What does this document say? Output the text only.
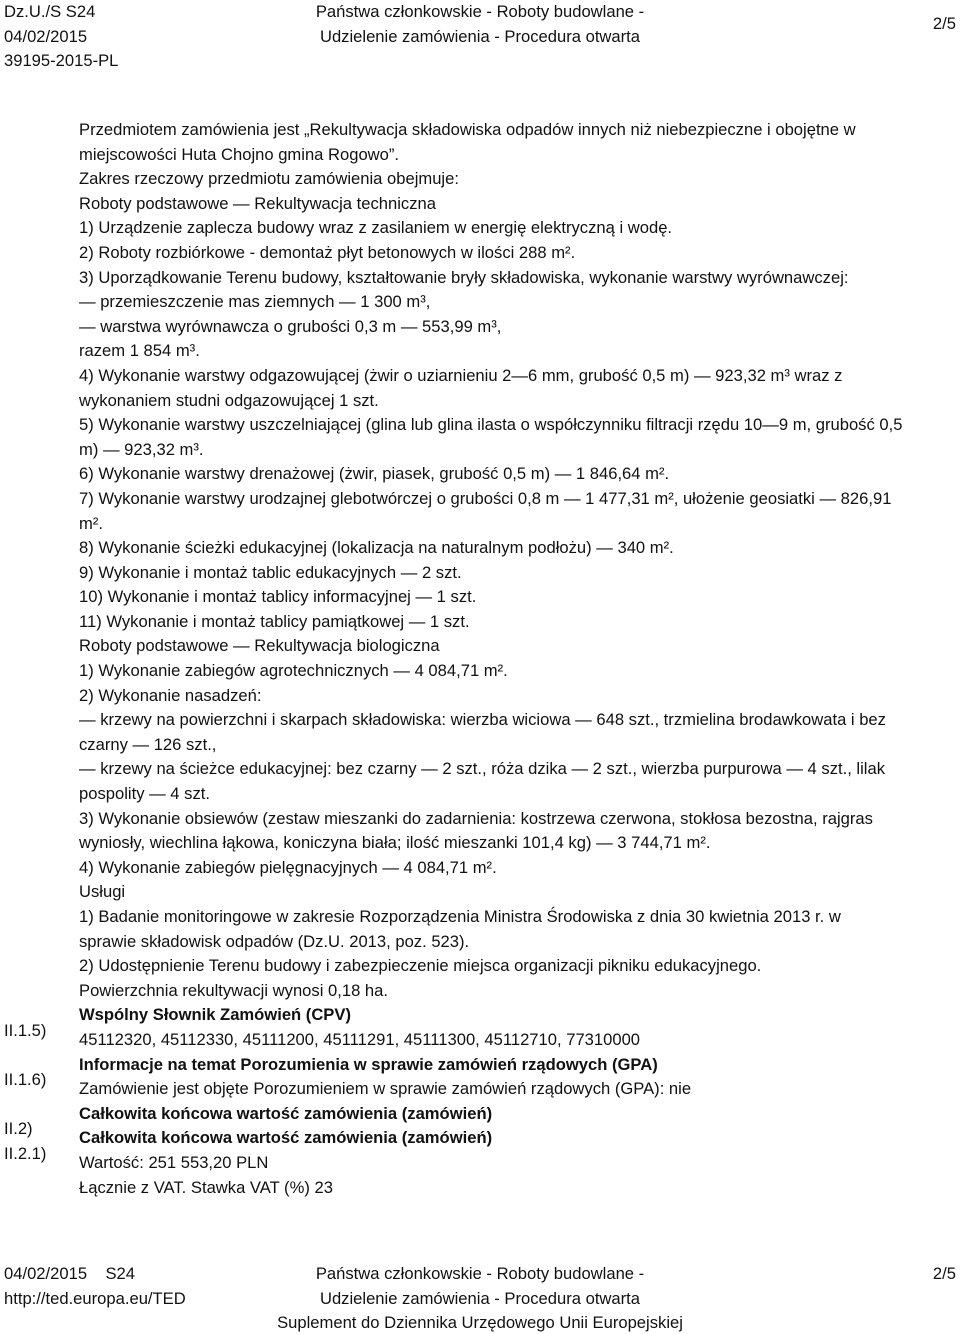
Dz.U./S S24
04/02/2015
39195-2015-PL
Państwa członkowskie - Roboty budowlane -
Udzielenie zamówienia - Procedura otwarta
2/5
Przedmiotem zamówienia jest „Rekultywacja składowiska odpadów innych niż niebezpieczne i obojętne w
miejscowości Huta Chojno gmina Rogowo”.
Zakres rzeczowy przedmiotu zamówienia obejmuje:
Roboty podstawowe — Rekultywacja techniczna
1) Urządzenie zaplecza budowy wraz z zasilaniem w energię elektryczną i wodę.
2) Roboty rozbiórkowe - demontaż płyt betonowych w ilości 288 m².
3) Uporządkowanie Terenu budowy, kształtowanie bryły składowiska, wykonanie warstwy wyrównawczej:
— przemieszczenie mas ziemnych — 1 300 m³,
— warstwa wyrównawcza o grubości 0,3 m — 553,99 m³,
razem 1 854 m³.
4) Wykonanie warstwy odgazowującej (żwir o uziarnieniu 2—6 mm, grubość 0,5 m) — 923,32 m³ wraz z
wykonaniem studni odgazowującej 1 szt.
5) Wykonanie warstwy uszczelniającej (glina lub glina ilasta o współczynniku filtracji rzędu 10—9 m, grubość 0,5
m) — 923,32 m³.
6) Wykonanie warstwy drenażowej (żwir, piasek, grubość 0,5 m) — 1 846,64 m².
7) Wykonanie warstwy urodzajnej glebotwórczej o grubości 0,8 m — 1 477,31 m², ułożenie geosiatki — 826,91
m².
8) Wykonanie ścieżki edukacyjnej (lokalizacja na naturalnym podłożu) — 340 m².
9) Wykonanie i montaż tablic edukacyjnych — 2 szt.
10) Wykonanie i montaż tablicy informacyjnej — 1 szt.
11) Wykonanie i montaż tablicy pamiątkowej — 1 szt.
Roboty podstawowe — Rekultywacja biologiczna
1) Wykonanie zabiegów agrotechnicznych — 4 084,71 m².
2) Wykonanie nasadzeń:
— krzewy na powierzchni i skarpach składowiska: wierzba wiciowa — 648 szt., trzmielina brodawkowata i bez
czarny — 126 szt.,
— krzewy na ścieżce edukacyjnej: bez czarny — 2 szt., róża dzika — 2 szt., wierzba purpurowa — 4 szt., lilak
pospolity — 4 szt.
3) Wykonanie obsiewów (zestaw mieszanki do zadarnienia: kostrzewa czerwona, stokłosa bezostna, rajgras
wyniosły, wiechlina łąkowa, koniczyna biała; ilość mieszanki 101,4 kg) — 3 744,71 m².
4) Wykonanie zabiegów pielęgnacyjnych — 4 084,71 m².
Usługi
1) Badanie monitoringowe w zakresie Rozporządzenia Ministra Środowiska z dnia 30 kwietnia 2013 r. w
sprawie składowisk odpadów (Dz.U. 2013, poz. 523).
2) Udostępnienie Terenu budowy i zabezpieczenie miejsca organizacji pikniku edukacyjnego.
Powierzchnia rekultywacji wynosi 0,18 ha.
Wspólny Słownik Zamówień (CPV)
45112320, 45112330, 45111200, 45111291, 45111300, 45112710, 77310000
Informacje na temat Porozumienia w sprawie zamówień rządowych (GPA)
Zamówienie jest objęte Porozumieniem w sprawie zamówień rządowych (GPA): nie
Całkowita końcowa wartość zamówienia (zamówień)
Całkowita końcowa wartość zamówienia (zamówień)
Wartość: 251 553,20 PLN
Łącznie z VAT. Stawka VAT (%) 23
II.1.5)
II.1.6)
II.2)
II.2.1)
04/02/2015    S24
http://ted.europa.eu/TED
Państwa członkowskie - Roboty budowlane -
Udzielenie zamówienia - Procedura otwarta
Suplement do Dziennika Urzędowego Unii Europejskiej
2/5
